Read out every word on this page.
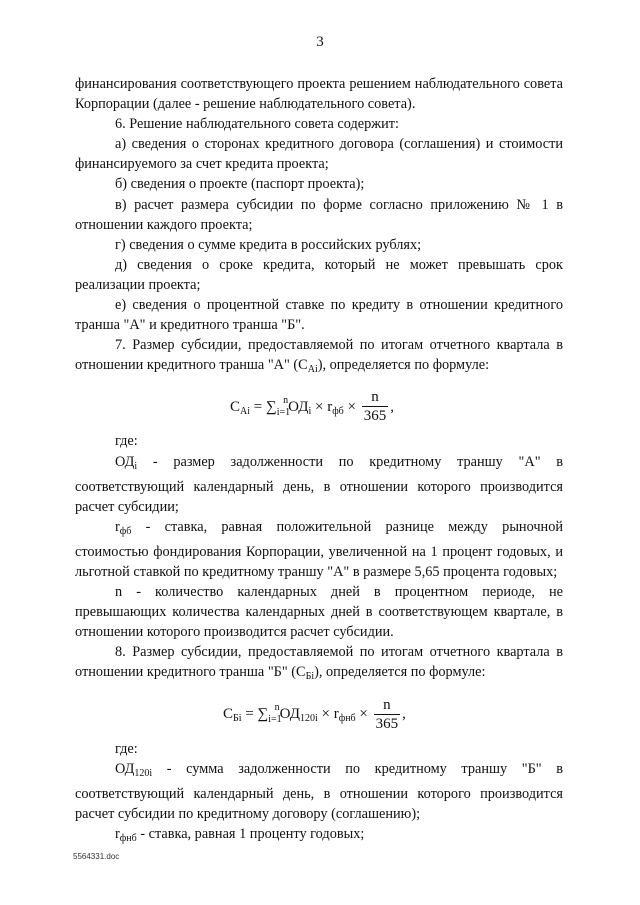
3

финансирования соответствующего проекта решением наблюдательного совета Корпорации (далее - решение наблюдательного совета).

6. Решение наблюдательного совета содержит:

а) сведения о сторонах кредитного договора (соглашения) и стоимости финансируемого за счет кредита проекта;

б) сведения о проекте (паспорт проекта);

в) расчет размера субсидии по форме согласно приложению № 1 в отношении каждого проекта;

г) сведения о сумме кредита в российских рублях;

д) сведения о сроке кредита, который не может превышать срок реализации проекта;

е) сведения о процентной ставке по кредиту в отношении кредитного транша "А" и кредитного транша "Б".

7. Размер субсидии, предоставляемой по итогам отчетного квартала в отношении кредитного транша "А" $(С_{Ai})$, определяется по формуле:

$C_{Ai} = \sum_{i=1}^nОД_i \times r_{фб} \times \frac{n}{365}$ ,

где:

$ОД_i$ - размер задолженности по кредитному траншу "А" в соответствующий календарный день, в отношении которого производится расчет субсидии;

$r_{фб}$ - ставка, равная положительной разнице между рыночной стоимостью фондирования Корпорации, увеличенной на 1 процент годовых, и льготной ставкой по кредитному траншу "А" в размере 5,65 процента годовых;

n - количество календарных дней в процентном периоде, не превышающих количества календарных дней в соответствующем квартале, в отношении которого производится расчет субсидии.

8. Размер субсидии, предоставляемой по итогам отчетного квартала в отношении кредитного транша "Б" $(С_{Бi})$, определяется по формуле:

$C_{Бi} = \sum_{i=1}^nОД_{120i} \times r_{фнб} \times \frac{n}{365}$ ,

где:

$ОД_{120i}$ - сумма задолженности по кредитному траншу "Б" в соответствующий календарный день, в отношении которого производится расчет субсидии по кредитному договору (соглашению);

$r_{фнб}$ - ставка, равная 1 проценту годовых;

5564331.doc
